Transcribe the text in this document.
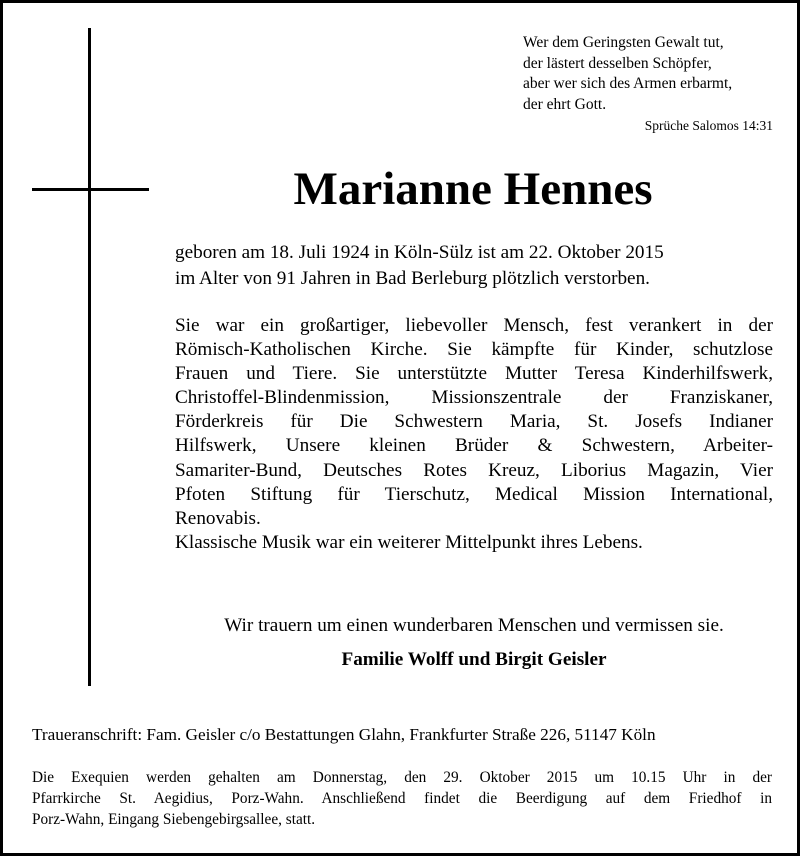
Wer dem Geringsten Gewalt tut,
der lästert desselben Schöpfer,
aber wer sich des Armen erbarmt,
der ehrt Gott.
Sprüche Salomos 14:31
Marianne Hennes
geboren am 18. Juli 1924 in Köln-Sülz ist am 22. Oktober 2015
im Alter von 91 Jahren in Bad Berleburg plötzlich verstorben.
Sie war ein großartiger, liebevoller Mensch, fest verankert in der
Römisch-Katholischen Kirche. Sie kämpfte für Kinder, schutzlose
Frauen und Tiere. Sie unterstützte Mutter Teresa Kinderhilfswerk,
Christoffel-Blindenmission, Missionszentrale der Franziskaner,
Förderkreis für Die Schwestern Maria, St. Josefs Indianer
Hilfswerk, Unsere kleinen Brüder & Schwestern, Arbeiter-
Samariter-Bund, Deutsches Rotes Kreuz, Liborius Magazin, Vier
Pfoten Stiftung für Tierschutz, Medical Mission International,
Renovabis.
Klassische Musik war ein weiterer Mittelpunkt ihres Lebens.
Wir trauern um einen wunderbaren Menschen und vermissen sie.
Familie Wolff und Birgit Geisler
Traueranschrift: Fam. Geisler c/o Bestattungen Glahn, Frankfurter Straße 226, 51147 Köln
Die Exequien werden gehalten am Donnerstag, den 29. Oktober 2015 um 10.15 Uhr in der
Pfarrkirche St. Aegidius, Porz-Wahn. Anschließend findet die Beerdigung auf dem Friedhof in
Porz-Wahn, Eingang Siebengebirgsallee, statt.
